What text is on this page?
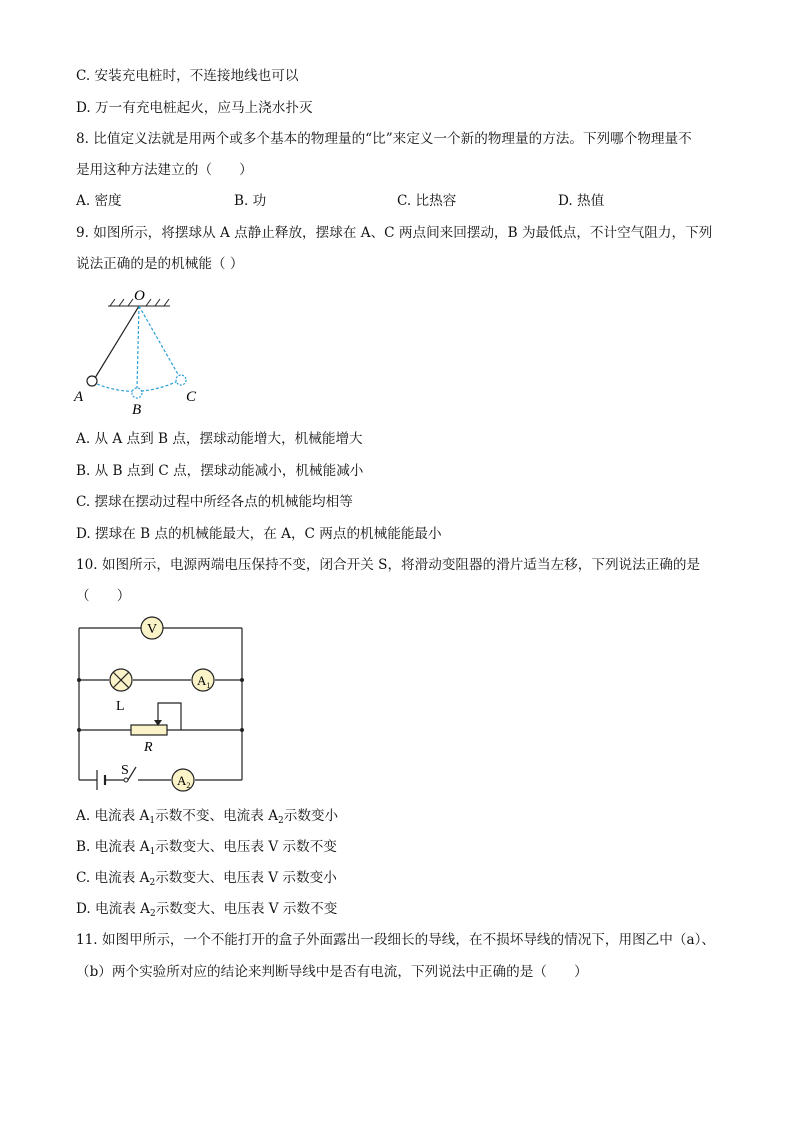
C. 安装充电桩时，不连接地线也可以
D. 万一有充电桩起火，应马上浇水扑灭
8. 比值定义法就是用两个或多个基本的物理量的“比”来定义一个新的物理量的方法。下列哪个物理量不
是用这种方法建立的（　　）
A. 密度	B. 功	C. 比热容	D. 热值
9. 如图所示，将摆球从 A 点静止释放，摆球在 A、C 两点间来回摆动，B 为最低点，不计空气阻力，下列
说法正确的是的机械能（ ）
O
A
B
C
A. 从 A 点到 B 点，摆球动能增大，机械能增大
B. 从 B 点到 C 点，摆球动能减小，机械能减小
C. 摆球在摆动过程中所经各点的机械能均相等
D. 摆球在 B 点的机械能最大，在 A，C 两点的机械能能最小
10. 如图所示，电源两端电压保持不变，闭合开关 S，将滑动变阻器的滑片适当左移，下列说法正确的是
（　　）
V
L
$A_1$
R
S
$A_2$
A. 电流表 $A_1$示数不变、电流表 $A_2$示数变小
B. 电流表 $A_1$示数变大、电压表 V 示数不变
C. 电流表 $A_2$示数变大、电压表 V 示数变小
D. 电流表 $A_2$示数变大、电压表 V 示数不变
11. 如图甲所示，一个不能打开的盒子外面露出一段细长的导线，在不损坏导线的情况下，用图乙中（a）、
（b）两个实验所对应的结论来判断导线中是否有电流，下列说法中正确的是（　　）
